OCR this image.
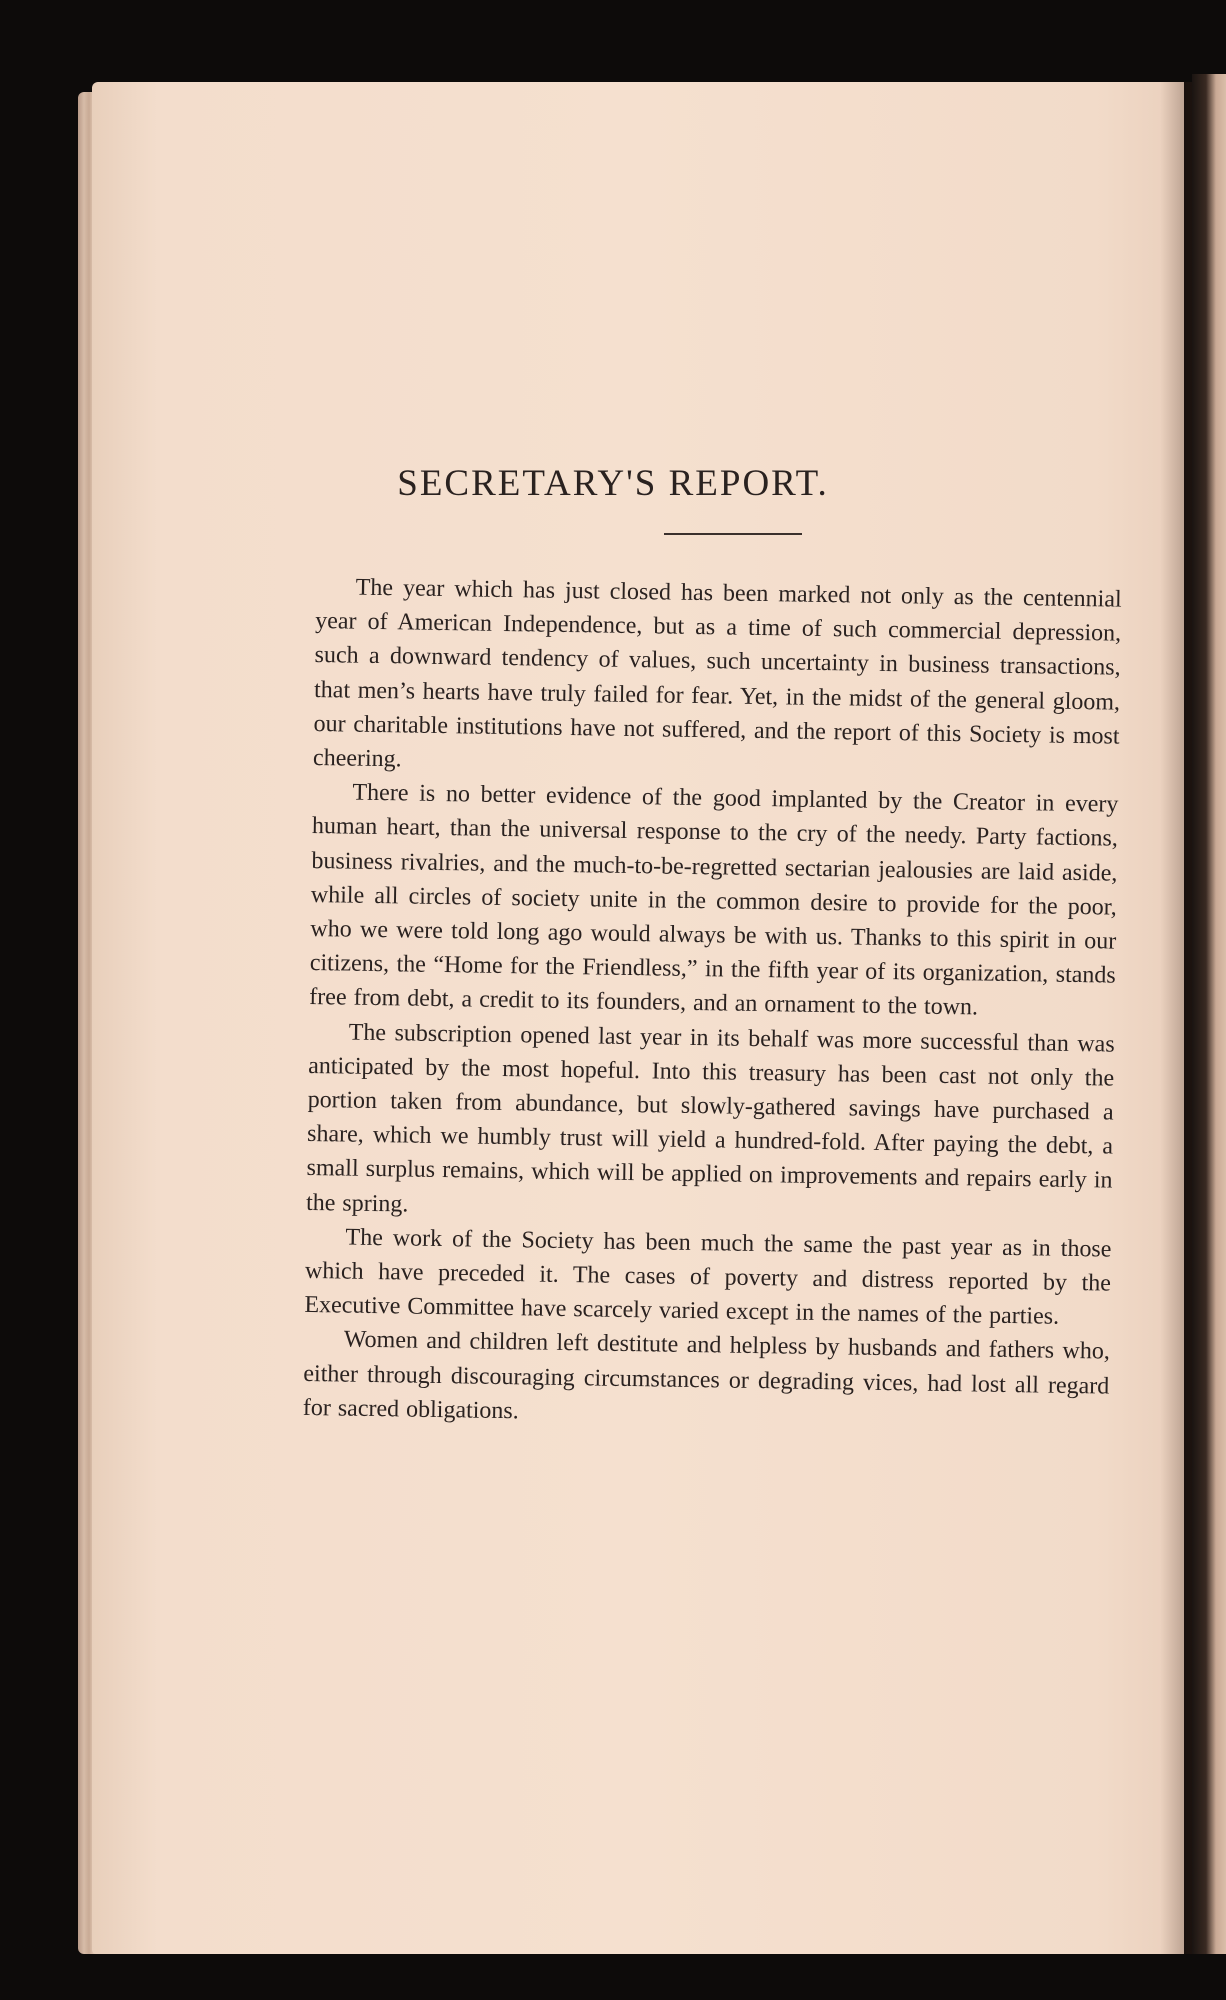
SECRETARY'S REPORT.

The year which has just closed has been marked not only as the centennial year of American Independence, but as a time of such commercial depression, such a downward tendency of values, such uncertainty in business transactions, that men’s hearts have truly failed for fear. Yet, in the midst of the general gloom, our charitable institutions have not suffered, and the report of this Society is most cheering.

There is no better evidence of the good implanted by the Creator in every human heart, than the universal response to the cry of the needy. Party factions, business rivalries, and the much-to-be-regretted sectarian jealousies are laid aside, while all circles of society unite in the common desire to provide for the poor, who we were told long ago would always be with us. Thanks to this spirit in our citizens, the “Home for the Friendless,” in the fifth year of its organization, stands free from debt, a credit to its founders, and an ornament to the town.

The subscription opened last year in its behalf was more successful than was anticipated by the most hopeful. Into this treasury has been cast not only the portion taken from abundance, but slowly-gathered savings have purchased a share, which we humbly trust will yield a hundred-fold. After paying the debt, a small surplus remains, which will be applied on improvements and repairs early in the spring.

The work of the Society has been much the same the past year as in those which have preceded it. The cases of poverty and distress reported by the Executive Committee have scarcely varied except in the names of the parties.

Women and children left destitute and helpless by husbands and fathers who, either through discouraging circumstances or degrading vices, had lost all regard for sacred obligations.
